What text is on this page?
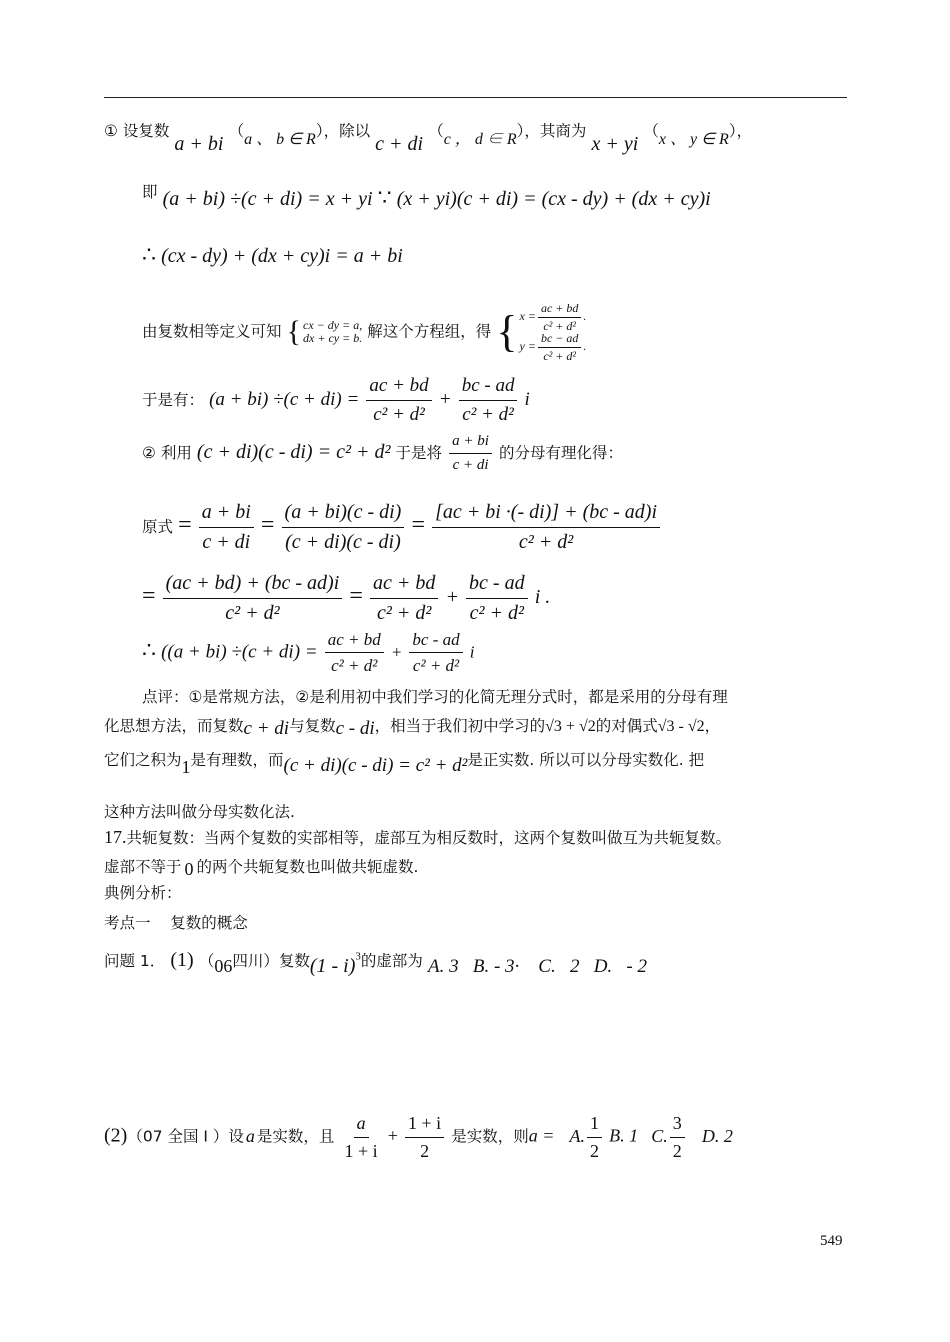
① 设复数 a + bi （a 、 b ∈ R），除以 c + di （c ， d ∈ R），其商为 x + yi （x 、 y ∈ R），
即 (a + bi) ÷(c + di) = x + yi ∵ (x + yi)(c + di) = (cx - dy) + (dx + cy)i
∴ (cx - dy) + (dx + cy)i = a + bi
由复数相等定义可知 { cx − dy = a,
dx + cy = b. 解这个方程组，得 { $x = \frac{ac + bd}{\text{c² + d²}}$ .
$y = \frac{bc - ad}{\text{c² + d²}}$ .
于是有： $(a + bi) \div(c + di) = \frac{ac + bd}{\text{c² + d²}} + \frac{bc - ad}{\text{c² + d²}}$ i
② 利用 (c + di)(c - di) = c² + d² 于是将 $\frac{a + bi}{c + di}$ 的分母有理化得：
原式 = $\frac{a + bi}{c + di} = \frac{(a + bi)(c - di)}{(c + di)(c - di)} = \frac{[ac + bi \cdot(- di)] + (bc - ad)i}{\text{c² + d²}}$
= $\frac{(ac + bd) + (bc - ad)i}{\text{c² + d²}} = \frac{ac + bd}{\text{c² + d²}} + \frac{bc - ad}{\text{c² + d²}}$ i .
∴ ($(a + bi) \div(c + di) = \frac{ac + bd}{\text{c² + d²}} + \frac{bc - ad}{\text{c² + d²}}$ i
点评：①是常规方法，②是利用初中我们学习的化简无理分式时，都是采用的分母有理
化思想方法，而复数c + di与复数c - di，相当于我们初中学习的√3 + √2的对偶式√3 - √2，
它们之积为1是有理数，而(c + di)(c - di) = c² + d²是正实数. 所以可以分母实数化. 把
这种方法叫做分母实数化法.
17.共轭复数：当两个复数的实部相等，虚部互为相反数时，这两个复数叫做互为共轭复数。
虚部不等于 0 的两个共轭复数也叫做共轭虚数.
典例分析：
考点一    复数的概念
问题 1． (1) （06四川）复数(1 - i)$^3$的虚部为 A. 3   B. - 3·    C.   2   D.   - 2
(2)（07 全国 I ）设 a 是实数，且 $\frac{a}{1 + i} + \frac{1 + i}{2}$ 是实数，则a = A. $\frac{1}{2} B$. 1 C. $\frac{3}{2} D$. 2
549
